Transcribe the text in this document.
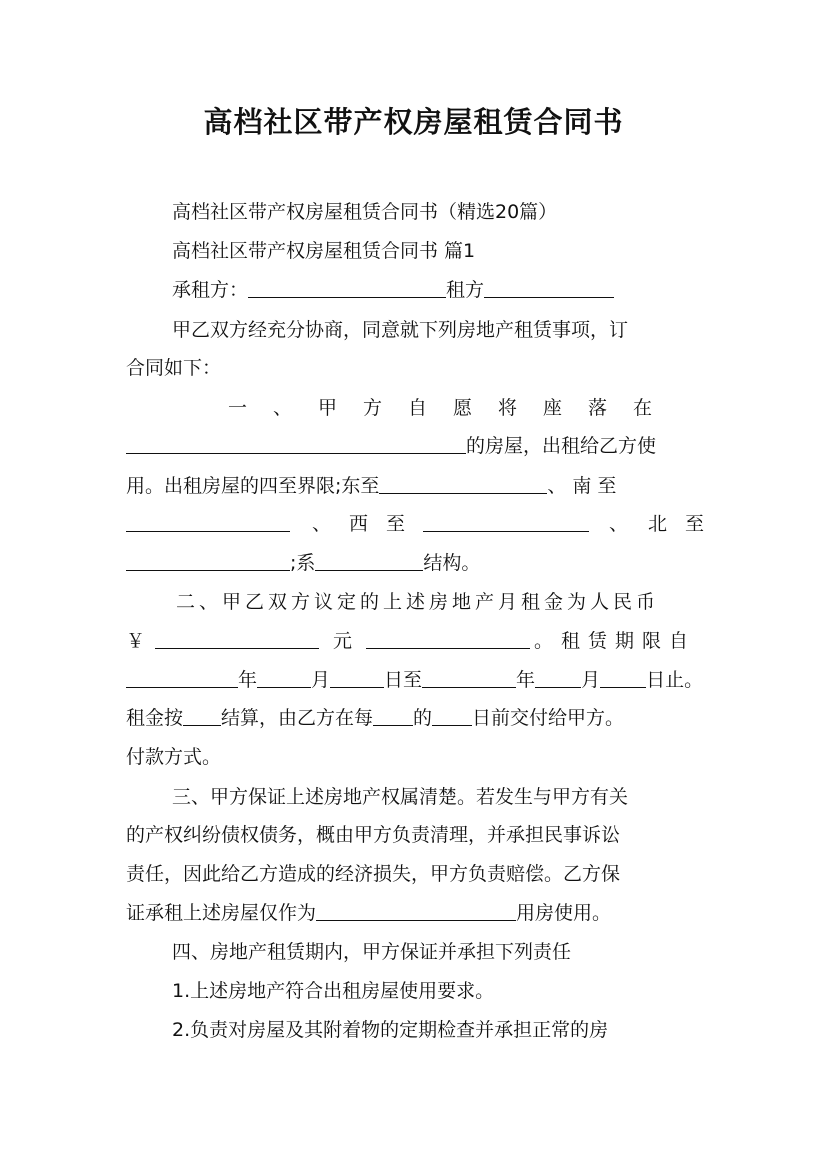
高档社区带产权房屋租赁合同书
高档社区带产权房屋租赁合同书（精选20篇）
高档社区带产权房屋租赁合同书 篇1
承租方：	租方
甲乙双方经充分协商，同意就下列房地产租赁事项，订
合同如下：
一、甲方自愿将座落在
的房屋，出租给乙方使
用。出租房屋的四至界限;东至	、南至
、 西至	、 北至
;系	结构。
二、甲乙双方议定的上述房地产月租金为人民币
￥	元	。租赁期限自
年	月	日至	年 月 日止。
租金按 结算，由乙方在每 的 日前交付给甲方。
付款方式。
三、甲方保证上述房地产权属清楚。若发生与甲方有关
的产权纠纷债权债务，概由甲方负责清理，并承担民事诉讼
责任，因此给乙方造成的经济损失，甲方负责赔偿。乙方保
证承租上述房屋仅作为	用房使用。
四、房地产租赁期内，甲方保证并承担下列责任
1.上述房地产符合出租房屋使用要求。
2.负责对房屋及其附着物的定期检查并承担正常的房
